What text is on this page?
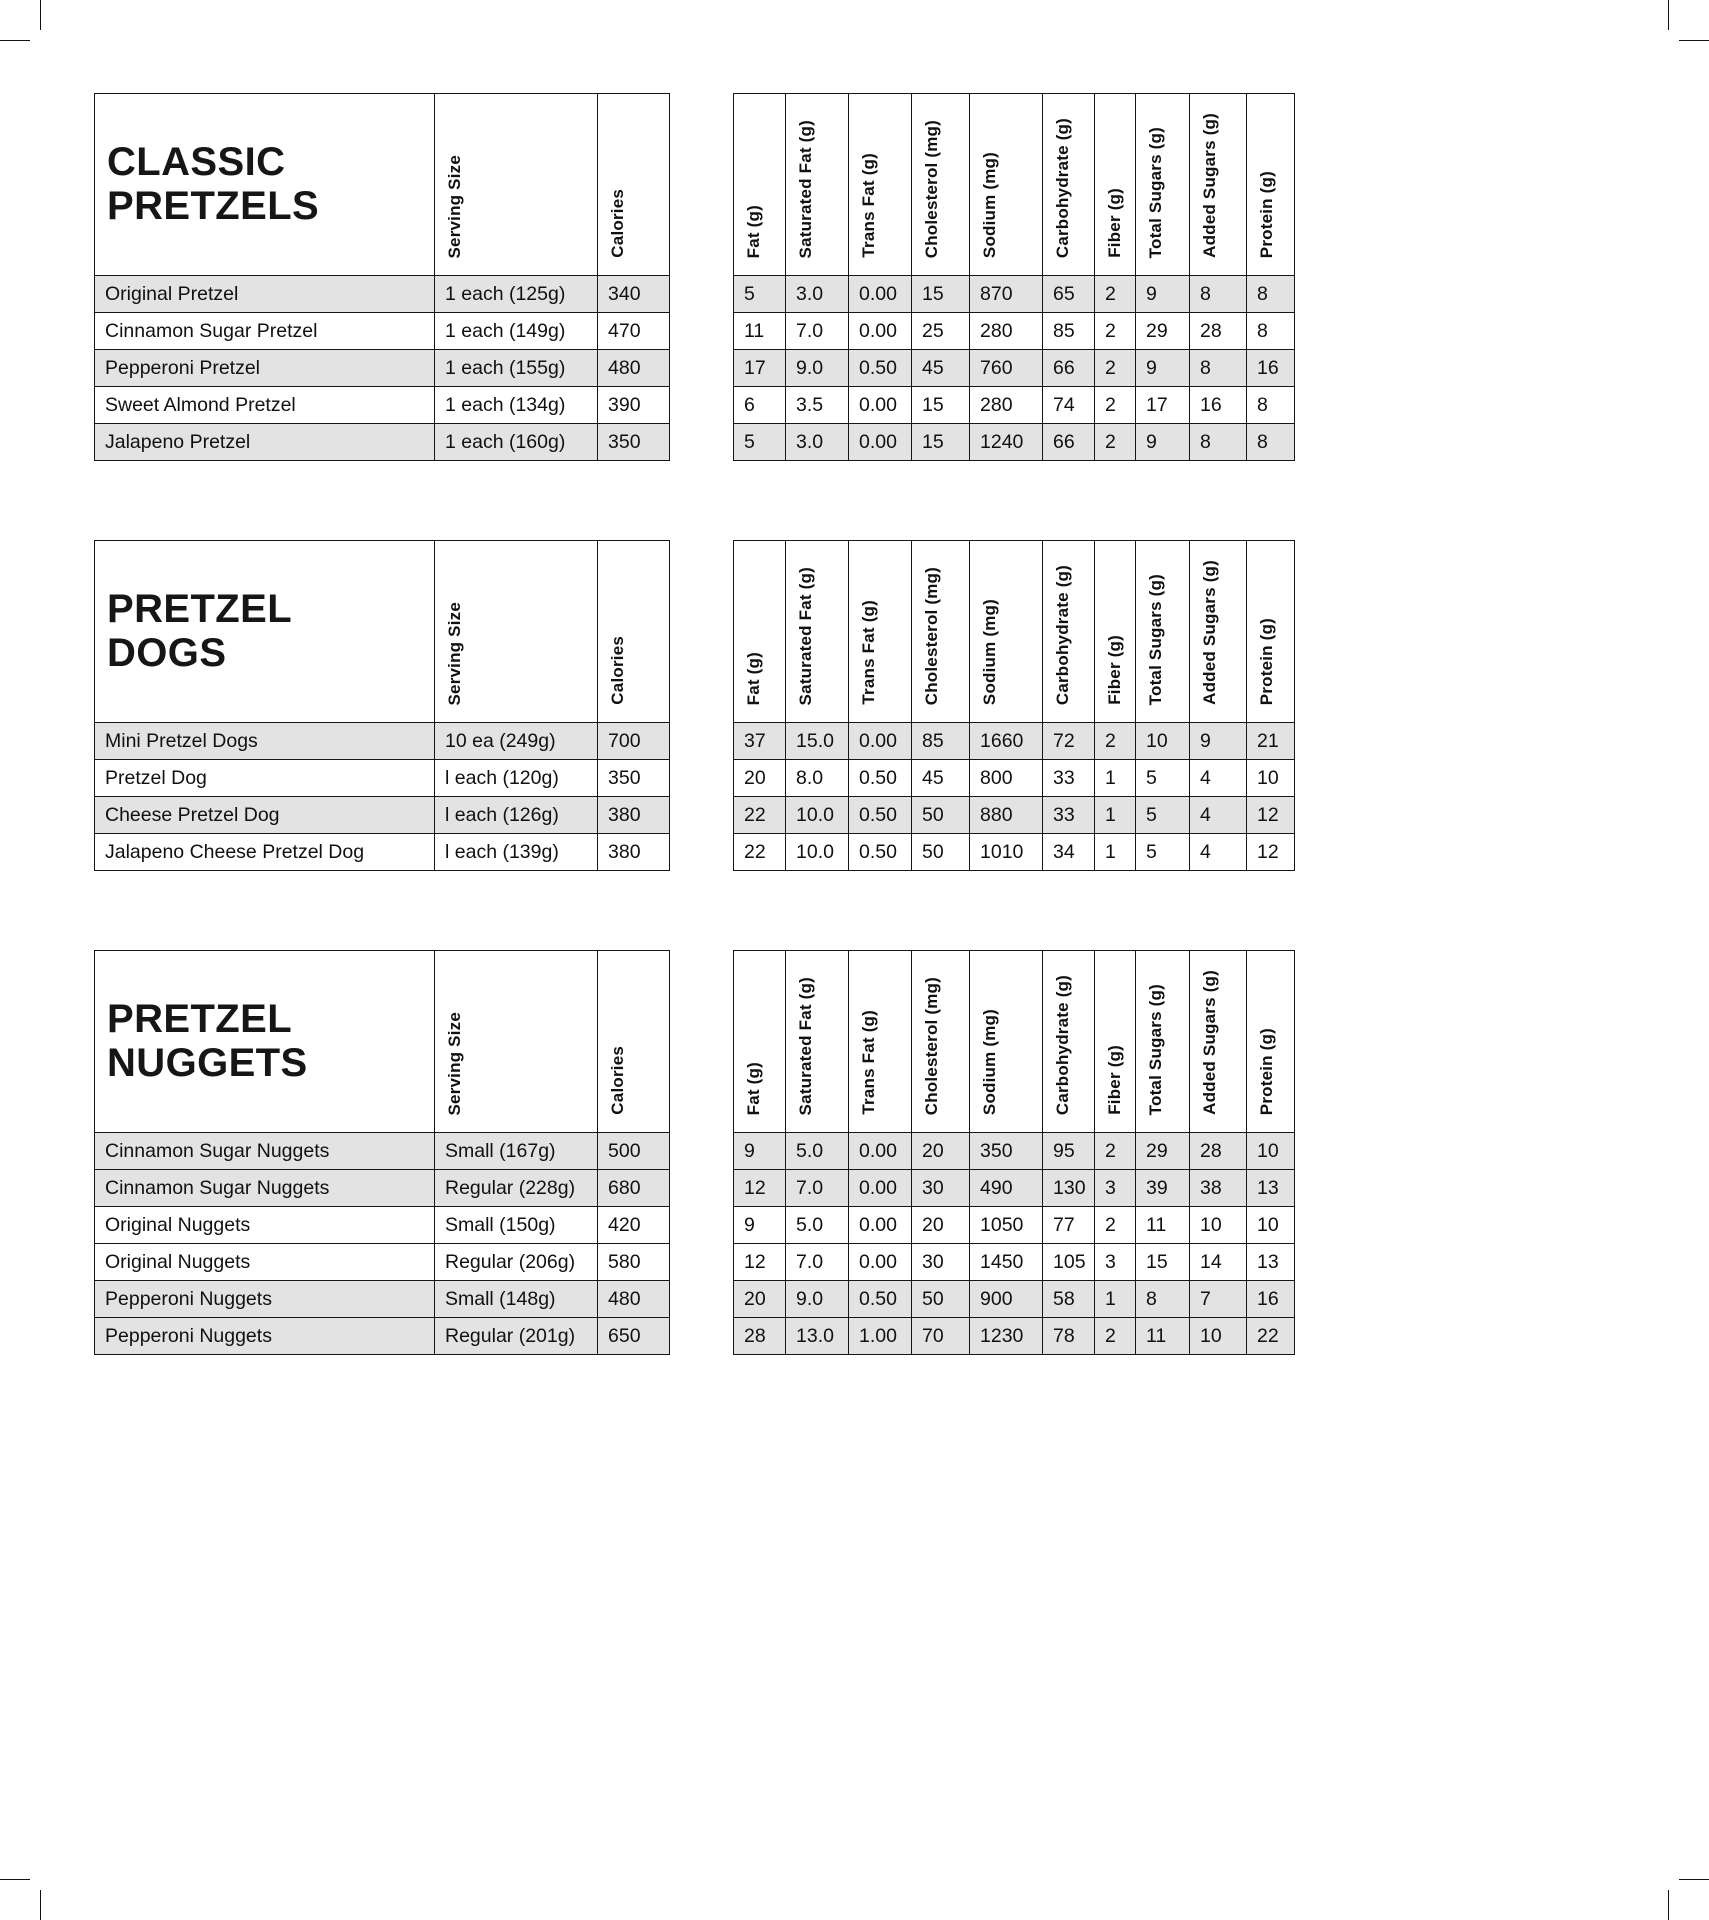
CLASSIC
PRETZELS	Serving Size	Calories
Original Pretzel	1 each (125g)	340
Cinnamon Sugar Pretzel	1 each (149g)	470
Pepperoni Pretzel	1 each (155g)	480
Sweet Almond Pretzel	1 each (134g)	390
Jalapeno Pretzel	1 each (160g)	350
Fat (g)	Saturated Fat (g)	Trans Fat (g)	Cholesterol (mg)	Sodium (mg)	Carbohydrate (g)	Fiber (g)	Total Sugars (g)	Added Sugars (g)	Protein (g)
5	3.0	0.00	15	870	65	2	9	8	8
11	7.0	0.00	25	280	85	2	29	28	8
17	9.0	0.50	45	760	66	2	9	8	16
6	3.5	0.00	15	280	74	2	17	16	8
5	3.0	0.00	15	1240	66	2	9	8	8
PRETZEL
DOGS	Serving Size	Calories
Mini Pretzel Dogs	10 ea (249g)	700
Pretzel Dog	l each (120g)	350
Cheese Pretzel Dog	l each (126g)	380
Jalapeno Cheese Pretzel Dog	l each (139g)	380
Fat (g)	Saturated Fat (g)	Trans Fat (g)	Cholesterol (mg)	Sodium (mg)	Carbohydrate (g)	Fiber (g)	Total Sugars (g)	Added Sugars (g)	Protein (g)
37	15.0	0.00	85	1660	72	2	10	9	21
20	8.0	0.50	45	800	33	1	5	4	10
22	10.0	0.50	50	880	33	1	5	4	12
22	10.0	0.50	50	1010	34	1	5	4	12
PRETZEL
NUGGETS	Serving Size	Calories
Cinnamon Sugar Nuggets	Small (167g)	500
Cinnamon Sugar Nuggets	Regular (228g)	680
Original Nuggets	Small (150g)	420
Original Nuggets	Regular (206g)	580
Pepperoni Nuggets	Small (148g)	480
Pepperoni Nuggets	Regular (201g)	650
Fat (g)	Saturated Fat (g)	Trans Fat (g)	Cholesterol (mg)	Sodium (mg)	Carbohydrate (g)	Fiber (g)	Total Sugars (g)	Added Sugars (g)	Protein (g)
9	5.0	0.00	20	350	95	2	29	28	10
12	7.0	0.00	30	490	130	3	39	38	13
9	5.0	0.00	20	1050	77	2	11	10	10
12	7.0	0.00	30	1450	105	3	15	14	13
20	9.0	0.50	50	900	58	1	8	7	16
28	13.0	1.00	70	1230	78	2	11	10	22
